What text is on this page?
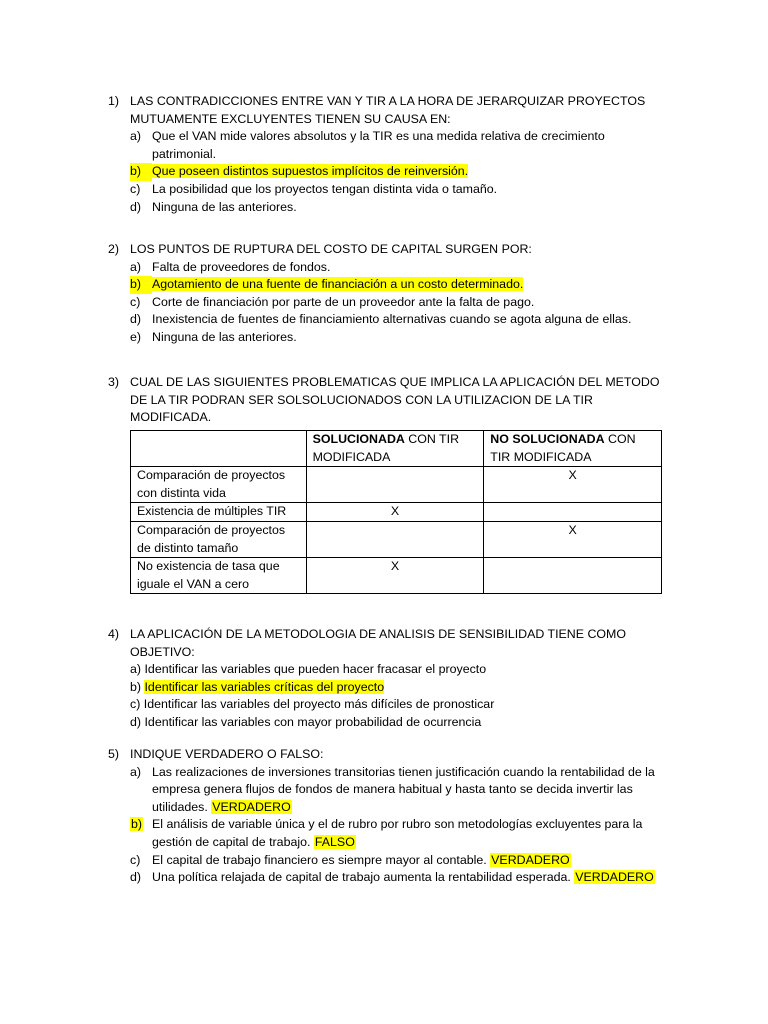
1) LAS CONTRADICCIONES ENTRE VAN Y TIR A LA HORA DE JERARQUIZAR PROYECTOS MUTUAMENTE EXCLUYENTES TIENEN SU CAUSA EN:
a) Que el VAN mide valores absolutos y la TIR es una medida relativa de crecimiento patrimonial.
b) Que poseen distintos supuestos implícitos de reinversión.
c) La posibilidad que los proyectos tengan distinta vida o tamaño.
d) Ninguna de las anteriores.
2) LOS PUNTOS DE RUPTURA DEL COSTO DE CAPITAL SURGEN POR:
a) Falta de proveedores de fondos.
b) Agotamiento de una fuente de financiación a un costo determinado.
c) Corte de financiación por parte de un proveedor ante la falta de pago.
d) Inexistencia de fuentes de financiamiento alternativas cuando se agota alguna de ellas.
e) Ninguna de las anteriores.
3) CUAL DE LAS SIGUIENTES PROBLEMATICAS QUE IMPLICA LA APLICACIÓN DEL METODO DE LA TIR PODRAN SER SOLSOLUCIONADOS CON LA UTILIZACION DE LA TIR MODIFICADA.
	SOLUCIONADA CON TIR MODIFICADA	NO SOLUCIONADA CON TIR MODIFICADA
Comparación de proyectos con distinta vida		X
Existencia de múltiples TIR	X	
Comparación de proyectos de distinto tamaño		X
No existencia de tasa que iguale el VAN a cero	X	
4) LA APLICACIÓN DE LA METODOLOGIA DE ANALISIS DE SENSIBILIDAD TIENE COMO OBJETIVO:
a) Identificar las variables que pueden hacer fracasar el proyecto
b) Identificar las variables críticas del proyecto
c) Identificar las variables del proyecto más difíciles de pronosticar
d) Identificar las variables con mayor probabilidad de ocurrencia
5) INDIQUE VERDADERO O FALSO:
a) Las realizaciones de inversiones transitorias tienen justificación cuando la rentabilidad de la empresa genera flujos de fondos de manera habitual y hasta tanto se decida invertir las utilidades. VERDADERO
b) El análisis de variable única y el de rubro por rubro son metodologías excluyentes para la gestión de capital de trabajo. FALSO
c) El capital de trabajo financiero es siempre mayor al contable. VERDADERO
d) Una política relajada de capital de trabajo aumenta la rentabilidad esperada. VERDADERO
